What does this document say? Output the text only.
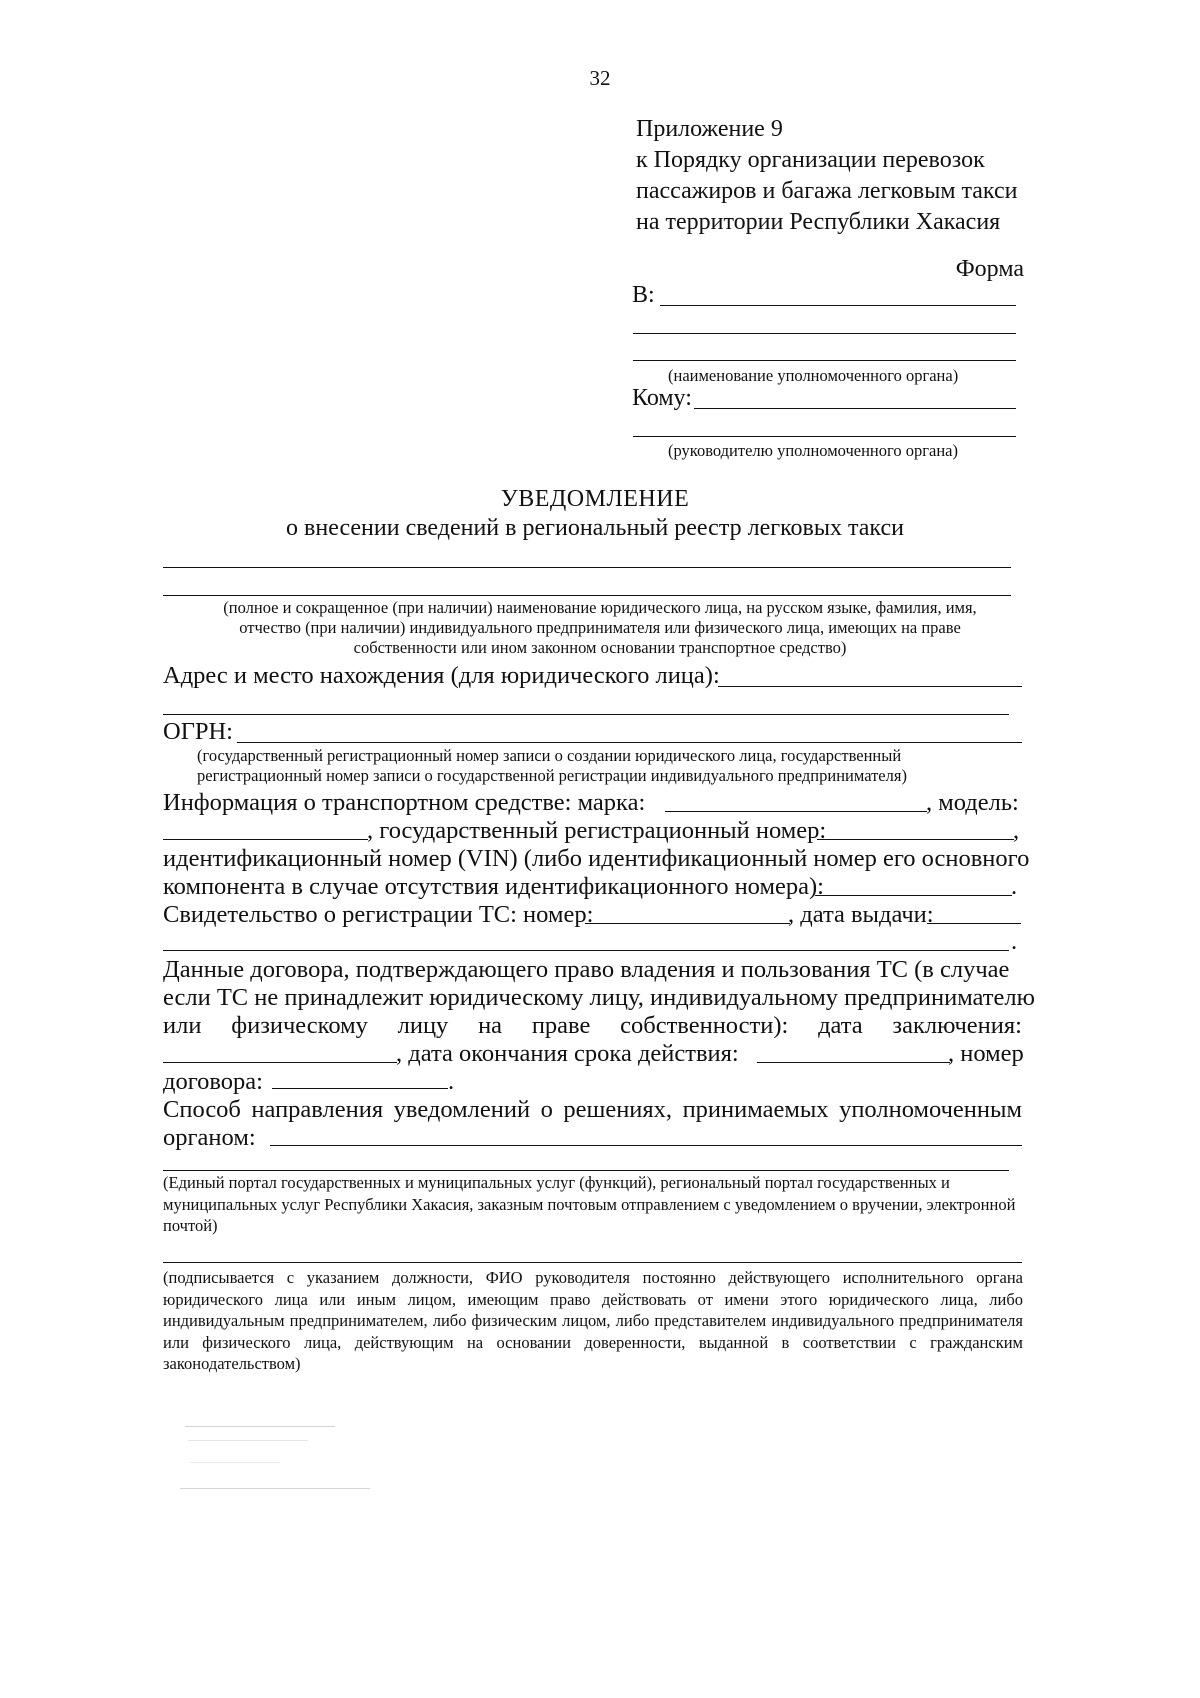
32
Приложение 9
к Порядку организации перевозок
пассажиров и багажа легковым такси
на территории Республики Хакасия
Форма
В:
(наименование уполномоченного органа)
Кому:
(руководителю уполномоченного органа)
УВЕДОМЛЕНИЕ
о внесении сведений в региональный реестр легковых такси
(полное и сокращенное (при наличии) наименование юридического лица, на русском языке, фамилия, имя,
отчество (при наличии) индивидуального предпринимателя или физического лица, имеющих на праве
собственности или ином законном основании транспортное средство)
Адрес и место нахождения (для юридического лица):
ОГРН:
(государственный регистрационный номер записи о создании юридического лица, государственный
регистрационный номер записи о государственной регистрации индивидуального предпринимателя)
Информация о транспортном средстве: марка:	, модель:
, государственный регистрационный номер:	,
идентификационный номер (VIN) (либо идентификационный номер его основного
компонента в случае отсутствия идентификационного номера):	.
Свидетельство о регистрации ТС: номер:	, дата выдачи:
.
Данные договора, подтверждающего право владения и пользования ТС (в случае
если ТС не принадлежит юридическому лицу, индивидуальному предпринимателю
или физическому лицу на праве собственности): дата заключения:
, дата окончания срока действия:	, номер
договора:	.
Способ направления уведомлений о решениях, принимаемых уполномоченным
органом:
(Единый портал государственных и муниципальных услуг (функций), региональный портал государственных и муниципальных услуг Республики Хакасия, заказным почтовым отправлением с уведомлением о вручении, электронной почтой)
(подписывается с указанием должности, ФИО руководителя постоянно действующего исполнительного органа юридического лица или иным лицом, имеющим право действовать от имени этого юридического лица, либо индивидуальным предпринимателем, либо физическим лицом, либо представителем индивидуального предпринимателя или физического лица, действующим на основании доверенности, выданной в соответствии с гражданским законодательством)
